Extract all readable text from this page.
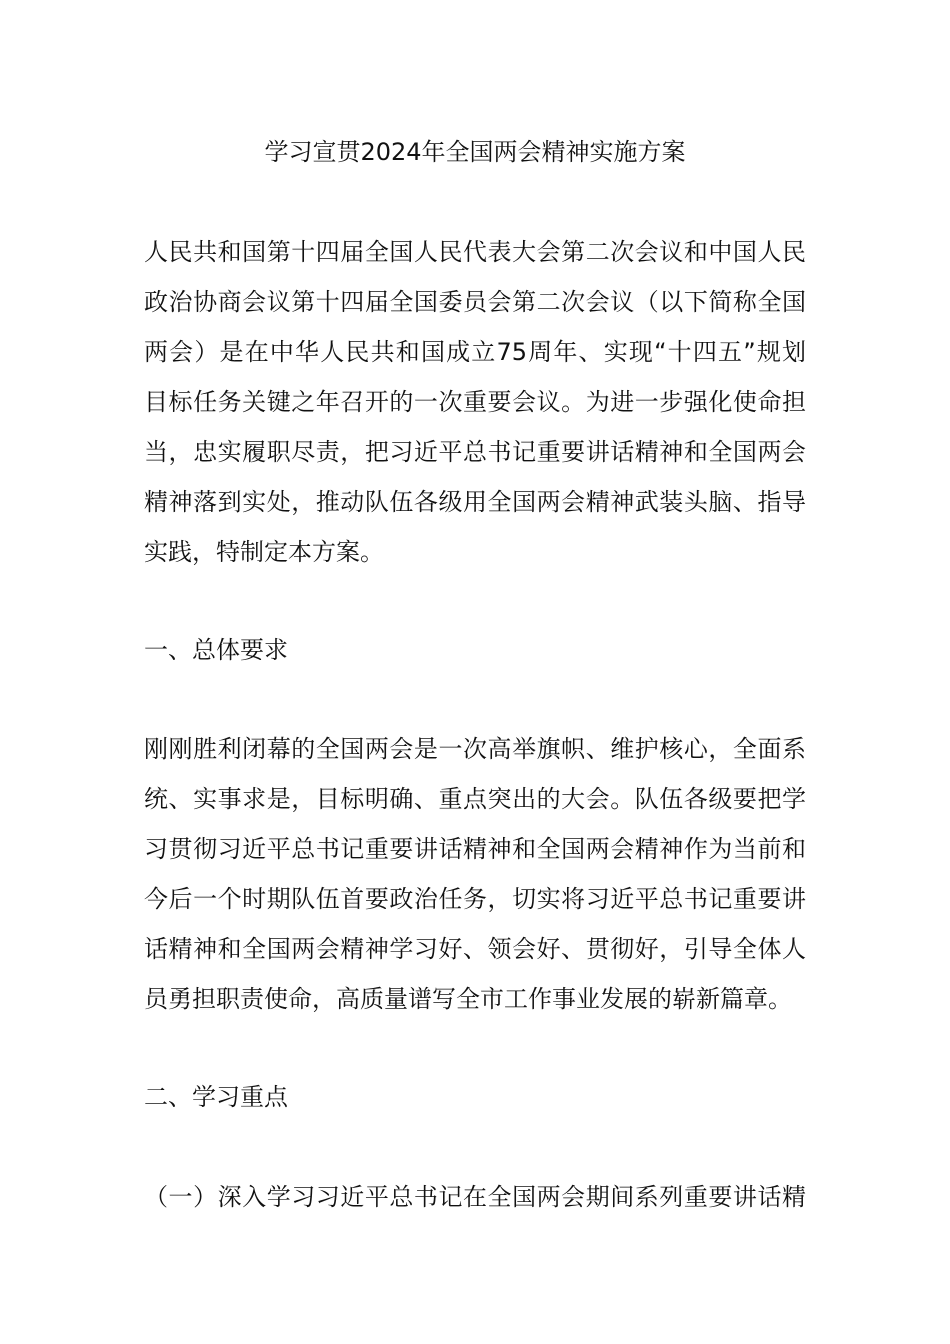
学习宣贯2024年全国两会精神实施方案
人民共和国第十四届全国人民代表大会第二次会议和中国人民
政治协商会议第十四届全国委员会第二次会议（以下简称全国
两会）是在中华人民共和国成立75周年、实现“十四五”规划
目标任务关键之年召开的一次重要会议。为进一步强化使命担
当，忠实履职尽责，把习近平总书记重要讲话精神和全国两会
精神落到实处，推动队伍各级用全国两会精神武装头脑、指导
实践，特制定本方案。
一、总体要求
刚刚胜利闭幕的全国两会是一次高举旗帜、维护核心，全面系
统、实事求是，目标明确、重点突出的大会。队伍各级要把学
习贯彻习近平总书记重要讲话精神和全国两会精神作为当前和
今后一个时期队伍首要政治任务，切实将习近平总书记重要讲
话精神和全国两会精神学习好、领会好、贯彻好，引导全体人
员勇担职责使命，高质量谱写全市工作事业发展的崭新篇章。
二、学习重点
（一）深入学习习近平总书记在全国两会期间系列重要讲话精
